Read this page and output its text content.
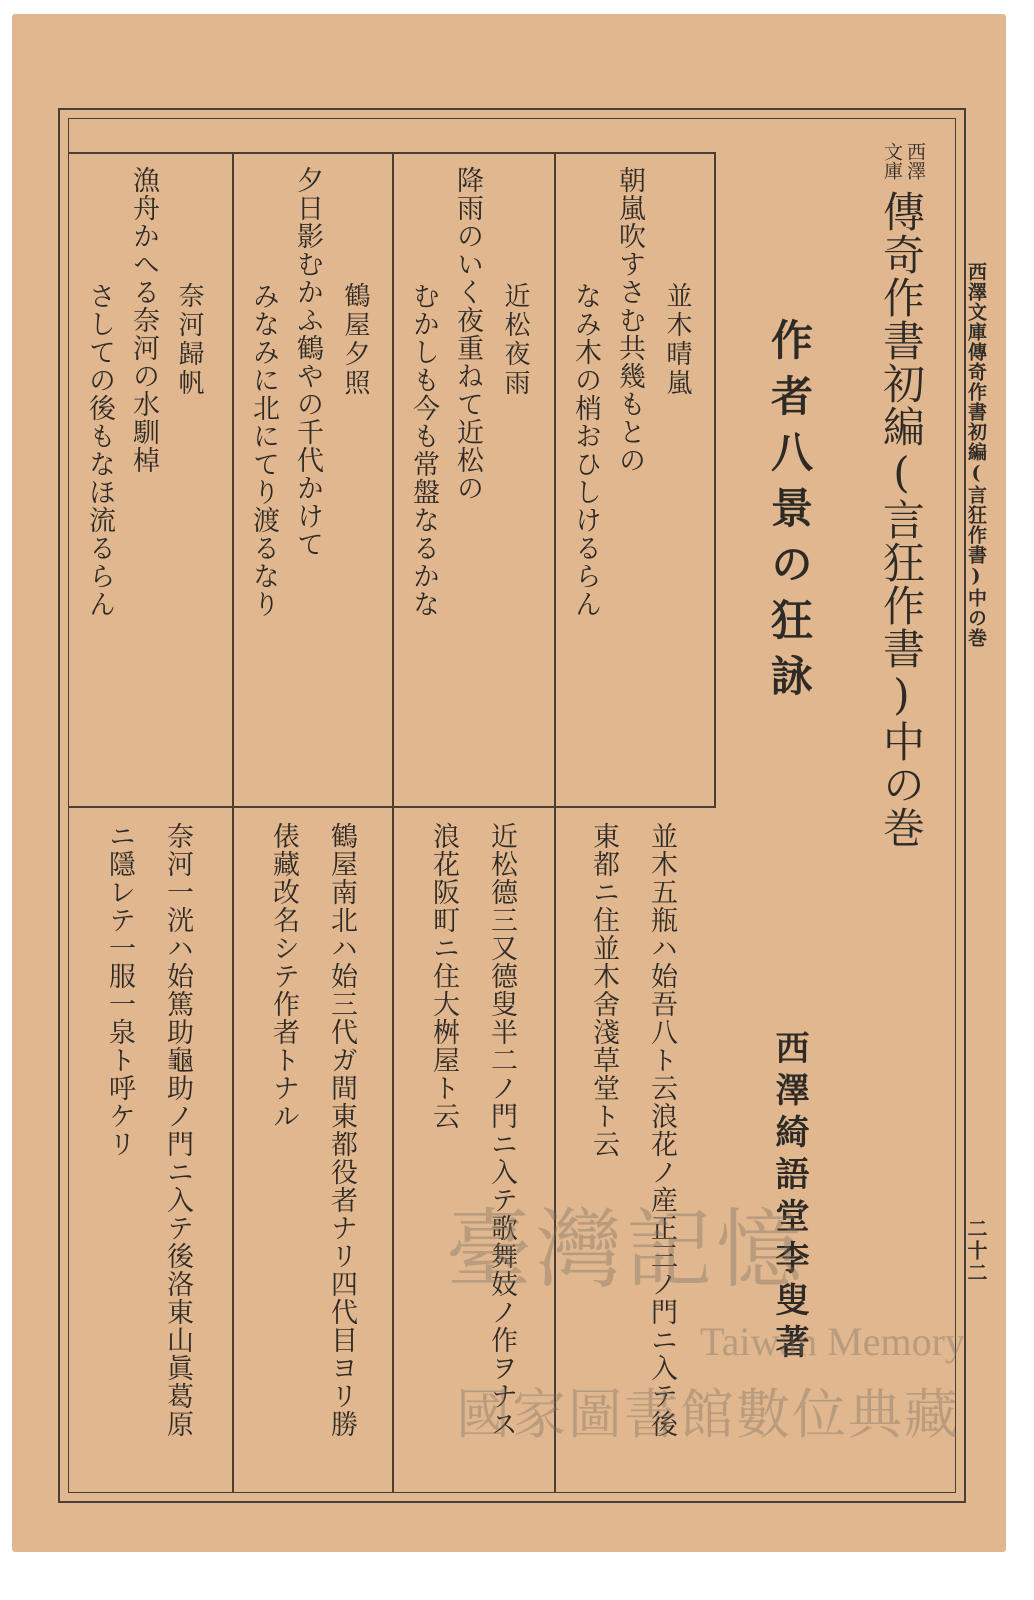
西澤文庫傳奇作書初編(言狂作書)中の巻

二十二

西澤文庫

傳奇作書初編(言狂作書)中の巻

作者八景の狂詠

西澤綺語堂李叟著

並木晴嵐

朝嵐吹すさむ共幾もとの

なみ木の梢おひしけるらん

近松夜雨

降雨のいく夜重ねて近松の

むかしも今も常盤なるかな

鶴屋夕照

夕日影むかふ鶴やの千代かけて

みなみに北にてり渡るなり

奈河歸帆

漁舟かへる奈河の水馴棹

さしての後もなほ流るらん

並木五瓶ハ始吾八ト云浪花ノ産正三ノ門ニ入テ後

東都ニ住並木舍淺草堂ト云

近松德三又德叟半二ノ門ニ入テ歌舞妓ノ作ヲナス

浪花阪町ニ住大桝屋ト云

鶴屋南北ハ始三代ガ間東都役者ナリ四代目ヨリ勝

俵藏改名シテ作者トナル

奈河一洸ハ始篤助龜助ノ門ニ入テ後洛東山眞葛原

ニ隱レテ一服一泉ト呼ケリ

臺灣記憶
Taiwan Memory
國家圖書館數位典藏
